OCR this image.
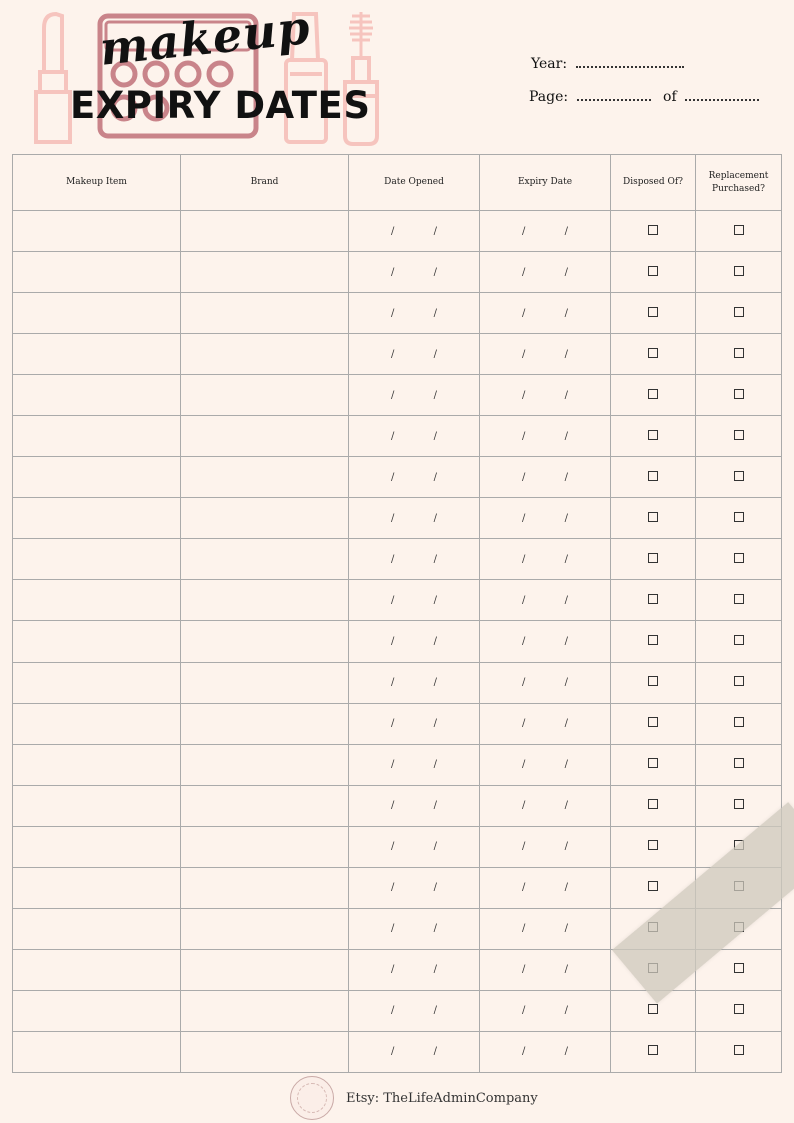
makeup
EXPIRY DATES
Year:
Page:	of
Makeup Item	Brand	Date Opened	Expiry Date	Disposed Of?	Replacement Purchased?
		/ /	/ /		
		/ /	/ /		
		/ /	/ /		
		/ /	/ /		
		/ /	/ /		
		/ /	/ /		
		/ /	/ /		
		/ /	/ /		
		/ /	/ /		
		/ /	/ /		
		/ /	/ /		
		/ /	/ /		
		/ /	/ /		
		/ /	/ /		
		/ /	/ /		
		/ /	/ /		
		/ /	/ /		
		/ /	/ /		
		/ /	/ /		
		/ /	/ /		
		/ /	/ /		
Etsy: TheLifeAdminCompany
